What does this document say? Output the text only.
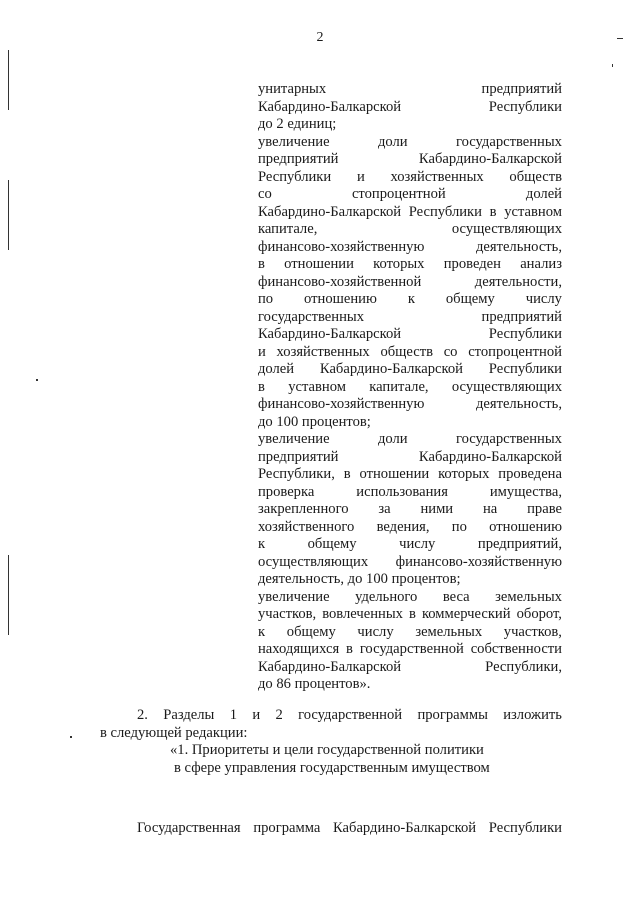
2
унитарных	предприятий
Кабардино-Балкарской	Республики
до 2 единиц;
увеличение	доли	государственных
предприятий	Кабардино-Балкарской
Республики и хозяйственных обществ
со	стопроцентной	долей
Кабардино-Балкарской Республики в уставном
капитале,	осуществляющих
финансово-хозяйственную	деятельность,
в отношении которых проведен анализ
финансово-хозяйственной	деятельности,
по отношению к общему числу
государственных	предприятий
Кабардино-Балкарской	Республики
и хозяйственных обществ со стопроцентной
долей Кабардино-Балкарской Республики
в уставном капитале, осуществляющих
финансово-хозяйственную	деятельность,
до 100 процентов;
увеличение	доли	государственных
предприятий	Кабардино-Балкарской
Республики, в отношении которых проведена
проверка	использования	имущества,
закрепленного за ними на праве
хозяйственного ведения, по отношению
к	общему	числу	предприятий,
осуществляющих финансово-хозяйственную
деятельность, до 100 процентов;
увеличение удельного веса земельных
участков, вовлеченных в коммерческий оборот,
к общему числу земельных участков,
находящихся в государственной собственности
Кабардино-Балкарской	Республики,
до 86 процентов».
2. Разделы 1 и 2 государственной программы изложить
в следующей редакции:
«1. Приоритеты и цели государственной политики
в сфере управления государственным имуществом
Государственная программа Кабардино-Балкарской Республики
